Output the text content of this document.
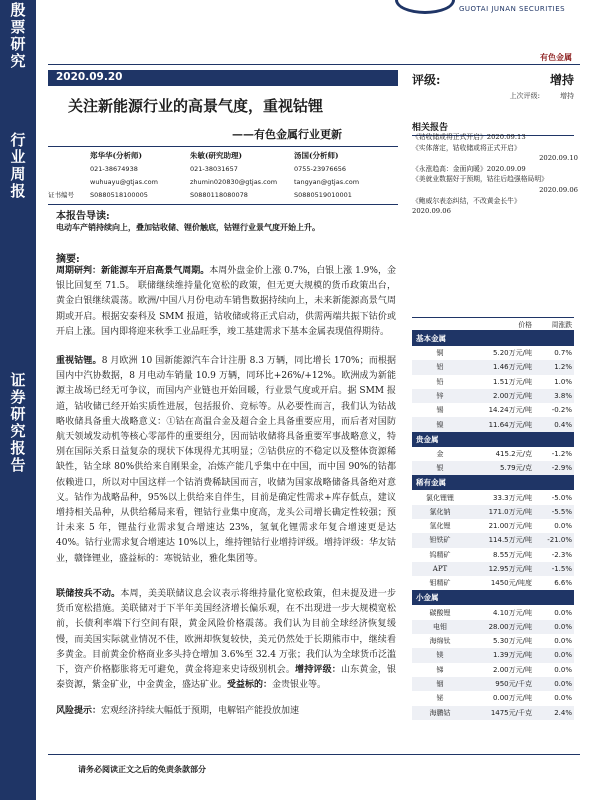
殷
票
研
究
行
业
周
报
证
券
研
究
报
告
GUOTAI JUNAN SECURITIES
有色金属
2020.09.20
关注新能源行业的高景气度，重视钴锂
——有色金属行业更新
郑华华(分析师)	朱敏(研究助理)	汤国(分析师)
021-38674938	021-38031657	0755-23976656
wuhuayu@gtjas.com	zhumin020830@gtjas.com	tangyan@gtjas.com
证书编号	S0880518100005	S0880118080078	S0880519010001
本报告导读:
电动车产销持续向上，叠加钴收储、锂价触底，钴锂行业景气度开始上升。
摘要:
周期研判：新能源车开启高景气周期。本周外盘金价上涨 0.7%，白银上涨 1.9%，金银比回复至 71.5。 联储继续维持量化宽松的政策，但无更大规模的货币政策出台，黄金白银继续震荡。欧洲/中国八月份电动车销售数据持续向上，未来新能源高景气周期或开启。根据安泰科及 SMM 报道，钴收储或将正式启动，供需两端共振下钴价或开启上涨。国内即将迎来秋季工业品旺季，竣工基建需求下基本金属表现值得期待。
重视钴锂。8 月欧洲 10 国新能源汽车合计注册 8.3 万辆，同比增长 170%；而根据国内中汽协数据，8 月电动车销量 10.9 万辆，同环比+26%/+12%。欧洲成为新能源主战场已经无可争议，而国内产业链也开始回暖，行业景气度或开启。据 SMM 报道，钴收储已经开始实质性进展，包括报价、竞标等。从必要性而言，我们认为钴战略收储具备重大战略意义：①钴在高温合金及超合金上具备重要应用，而后者对国防航天领域发动机等核心零部件的重要组分，因而钴收储将具备重要军事战略意义，特别在国际关系日益复杂的现状下体现得尤其明显；②钴供应的不稳定以及整体资源稀缺性，钴全球 80%供给来自刚果金，冶炼产能几乎集中在中国，而中国 90%的钴都依赖进口，所以对中国这样一个钴消费稀缺国而言，收储为国家战略储备具备绝对意义。钴作为战略品种，95%以上供给来自伴生，目前是确定性需求+库存低点，建议增持相关品种，从供给稀局来看，锂钴行业集中度高，龙头公司增长确定性较强；预计未来 5 年，锂盐行业需求复合增速达 23%，氢氧化锂需求年复合增速更是达 40%。钴行业需求复合增速达 10%以上，维持锂钴行业增持评级。增持评级：华友钴业，赣锋锂业，盛益标的：寒锐钴业，雅化集团等。
联储按兵不动。本周，美美联储议息会议表示将维持量化宽松政策，但未提及进一步货币宽松措施。美联储对于下半年美国经济增长偏乐观，在不出现进一步大规模宽松前，长债利率端下行空间有限，黄金风险价格震荡。我们认为目前全球经济恢复缓慢，而美国实际就业情况不佳，欧洲却恢复较快，美元仍然处于长期熊市中，继续看多黄金。目前黄金价格商业多头持仓增加 3.6%至 32.4 万张；我们认为全球货币泛滥下，资产价格膨胀将无可避免，黄金将迎来史诗级别机会。增持评级：山东黄金，银泰资源，紫金矿业，中金黄金，盛达矿业。受益标的：金贵银业等。
风险提示：宏观经济持续大幅低于预期，电解铝产能投放加速
评级:	增持
上次评级:	增持
相关报告
《钴收储或将正式开启》2020.09.13
《实体落定，钴收储或将正式开启》
2020.09.10
《永涨趋高：金面向暖》2020.09.09
《美就业数据好于预期，钴往后趋强格局明》
2020.09.06
《鲍威尔表态纠结，不改黄金长牛》
2020.09.06
价格	周涨跌
基本金属
铜	5.20万元/吨	0.7%
铝	1.46万元/吨	1.2%
铅	1.51万元/吨	1.0%
锌	2.00万元/吨	3.8%
锡	14.24万元/吨	-0.2%
镍	11.64万元/吨	0.4%
贵金属
金	415.2元/克	-1.2%
银	5.79元/克	-2.9%
稀有金属
氯化锂锂	33.3万元/吨	-5.0%
氯化钠	171.0万元/吨	-5.5%
氢化锂	21.00万元/吨	0.0%
钽铁矿	114.5万元/吨	-21.0%
钨精矿	8.55万元/吨	-2.3%
APT	12.95万元/吨	-1.5%
钼精矿	1450元/吨度	6.6%
小金属
碳酸锂	4.10万元/吨	0.0%
电钼	28.00万元/吨	0.0%
海绵钛	5.30万元/吨	0.0%
镁	1.39万元/吨	0.0%
锑	2.00万元/吨	0.0%
铟	950元/千克	0.0%
铋	0.00万元/吨	0.0%
海鹏钴	1475元/千克	2.4%
请务必阅读正文之后的免责条款部分
